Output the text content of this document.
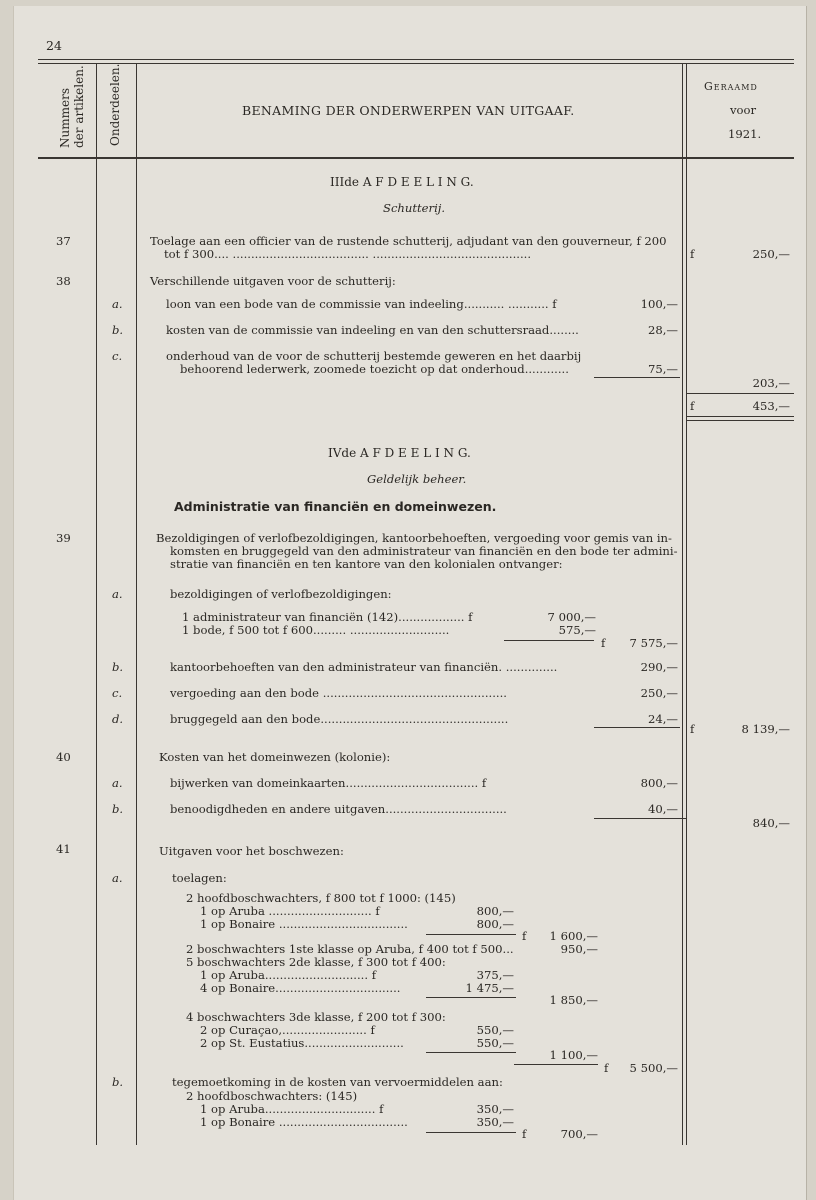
24
Nummers der artikelen. Onderdeelen.	BENAMING DER ONDERWERPEN VAN UITGAAF.
Geraamd
voor
1921.
IIIde A F D E E L I N G.
Schutterij.
37	Toelage aan een officier van de rustende schutterij, adjudant van den gouverneur, f 200
tot f 300.... ..................................... ...........................................	f	250,—
38	Verschillende uitgaven voor de schutterij:
a.	loon van een bode van de commissie van indeeling........... ........... f	100,—
b.	kosten van de commissie van indeeling en van den schuttersraad........	28,—
c.	onderhoud van de voor de schutterij bestemde geweren en het daarbij
behoorend lederwerk, zoomede toezicht op dat onderhoud............	75,—
203,—
f	453,—
IVde A F D E E L I N G.
Geldelijk beheer.
Administratie van financiën en domeinwezen.
39	Bezoldigingen of verlofbezoldigingen, kantoorbehoeften, vergoeding voor gemis van in-
komsten en bruggegeld van den administrateur van financiën en den bode ter admini-
stratie van financiën en ten kantore van den kolonialen ontvanger:
a.	bezoldigingen of verlofbezoldigingen:
1 administrateur van financiën (142).................. f	7 000,—
1 bode, f 500 tot f 600......... ...........................	575,—
f	7 575,—
b.	kantoorbehoeften van den administrateur van financiën. ..............	290,—
c.	vergoeding aan den bode ..................................................	250,—
d.	bruggegeld aan den bode...................................................	24,—
f	8 139,—
40	Kosten van het domeinwezen (kolonie):
a.	bijwerken van domeinkaarten.................................... f	800,—
b.	benoodigdheden en andere uitgaven.................................	40,—
840,—
41	Uitgaven voor het boschwezen:
a.	toelagen:
2 hoofdboschwachters, f 800 tot f 1000: (145)
1 op Aruba ............................ f	800,—
1 op Bonaire ...................................	800,—
f	1 600,—
2 boschwachters 1ste klasse op Aruba, f 400 tot f 500...	950,—
5 boschwachters 2de klasse, f 300 tot f 400:
1 op Aruba............................ f	375,—
4 op Bonaire..................................	1 475,—
1 850,—
4 boschwachters 3de klasse, f 200 tot f 300:
2 op Curaçao,....................... f	550,—
2 op St. Eustatius...........................	550,—
1 100,—
f	5 500,—
b.	tegemoetkoming in de kosten van vervoermiddelen aan:
2 hoofdboschwachters: (145)
1 op Aruba.............................. f	350,—
1 op Bonaire ...................................	350,—
f	700,—
